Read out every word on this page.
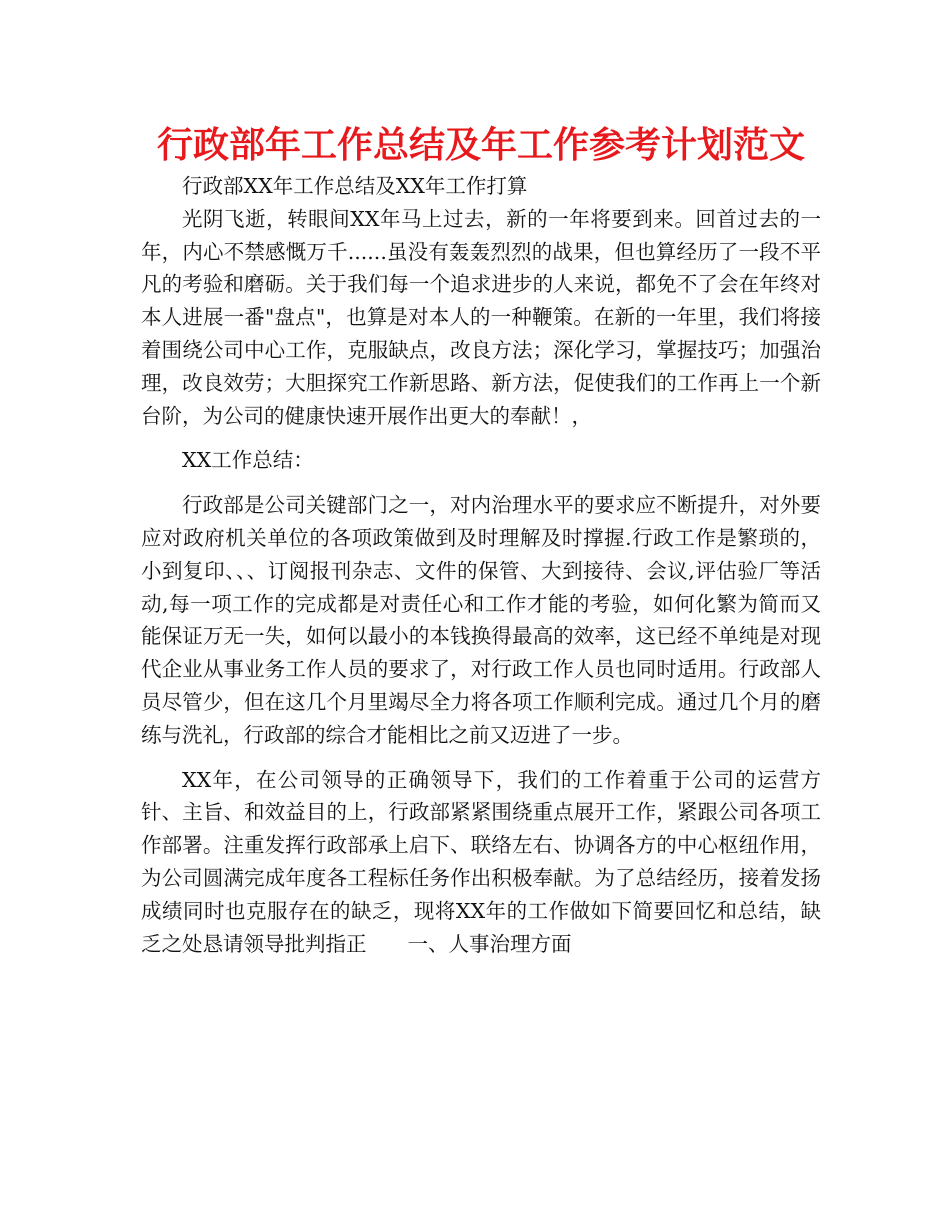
行政部年工作总结及年工作参考计划范文

行政部XX年工作总结及XX年工作打算

光阴飞逝，转眼间XX年马上过去，新的一年将要到来。回首过去的一年，内心不禁感慨万千......虽没有轰轰烈烈的战果，但也算经历了一段不平凡的考验和磨砺。关于我们每一个追求进步的人来说，都免不了会在年终对本人进展一番"盘点"，也算是对本人的一种鞭策。在新的一年里，我们将接着围绕公司中心工作，克服缺点，改良方法；深化学习，掌握技巧；加强治理，改良效劳；大胆探究工作新思路、新方法，促使我们的工作再上一个新台阶，为公司的健康快速开展作出更大的奉献！，

XX工作总结：

行政部是公司关键部门之一，对内治理水平的要求应不断提升，对外要应对政府机关单位的各项政策做到及时理解及时撑握.行政工作是繁琐的，小到复印、、、订阅报刊杂志、文件的保管、大到接待、会议,评估验厂等活动,每一项工作的完成都是对责任心和工作才能的考验，如何化繁为简而又能保证万无一失，如何以最小的本钱换得最高的效率，这已经不单纯是对现代企业从事业务工作人员的要求了，对行政工作人员也同时适用。行政部人员尽管少，但在这几个月里竭尽全力将各项工作顺利完成。通过几个月的磨练与洗礼，行政部的综合才能相比之前又迈进了一步。

XX年，在公司领导的正确领导下，我们的工作着重于公司的运营方针、主旨、和效益目的上，行政部紧紧围绕重点展开工作，紧跟公司各项工作部署。注重发挥行政部承上启下、联络左右、协调各方的中心枢纽作用，为公司圆满完成年度各工程标任务作出积极奉献。为了总结经历，接着发扬成绩同时也克服存在的缺乏，现将XX年的工作做如下简要回忆和总结，缺乏之处恳请领导批判指正　　一、人事治理方面
